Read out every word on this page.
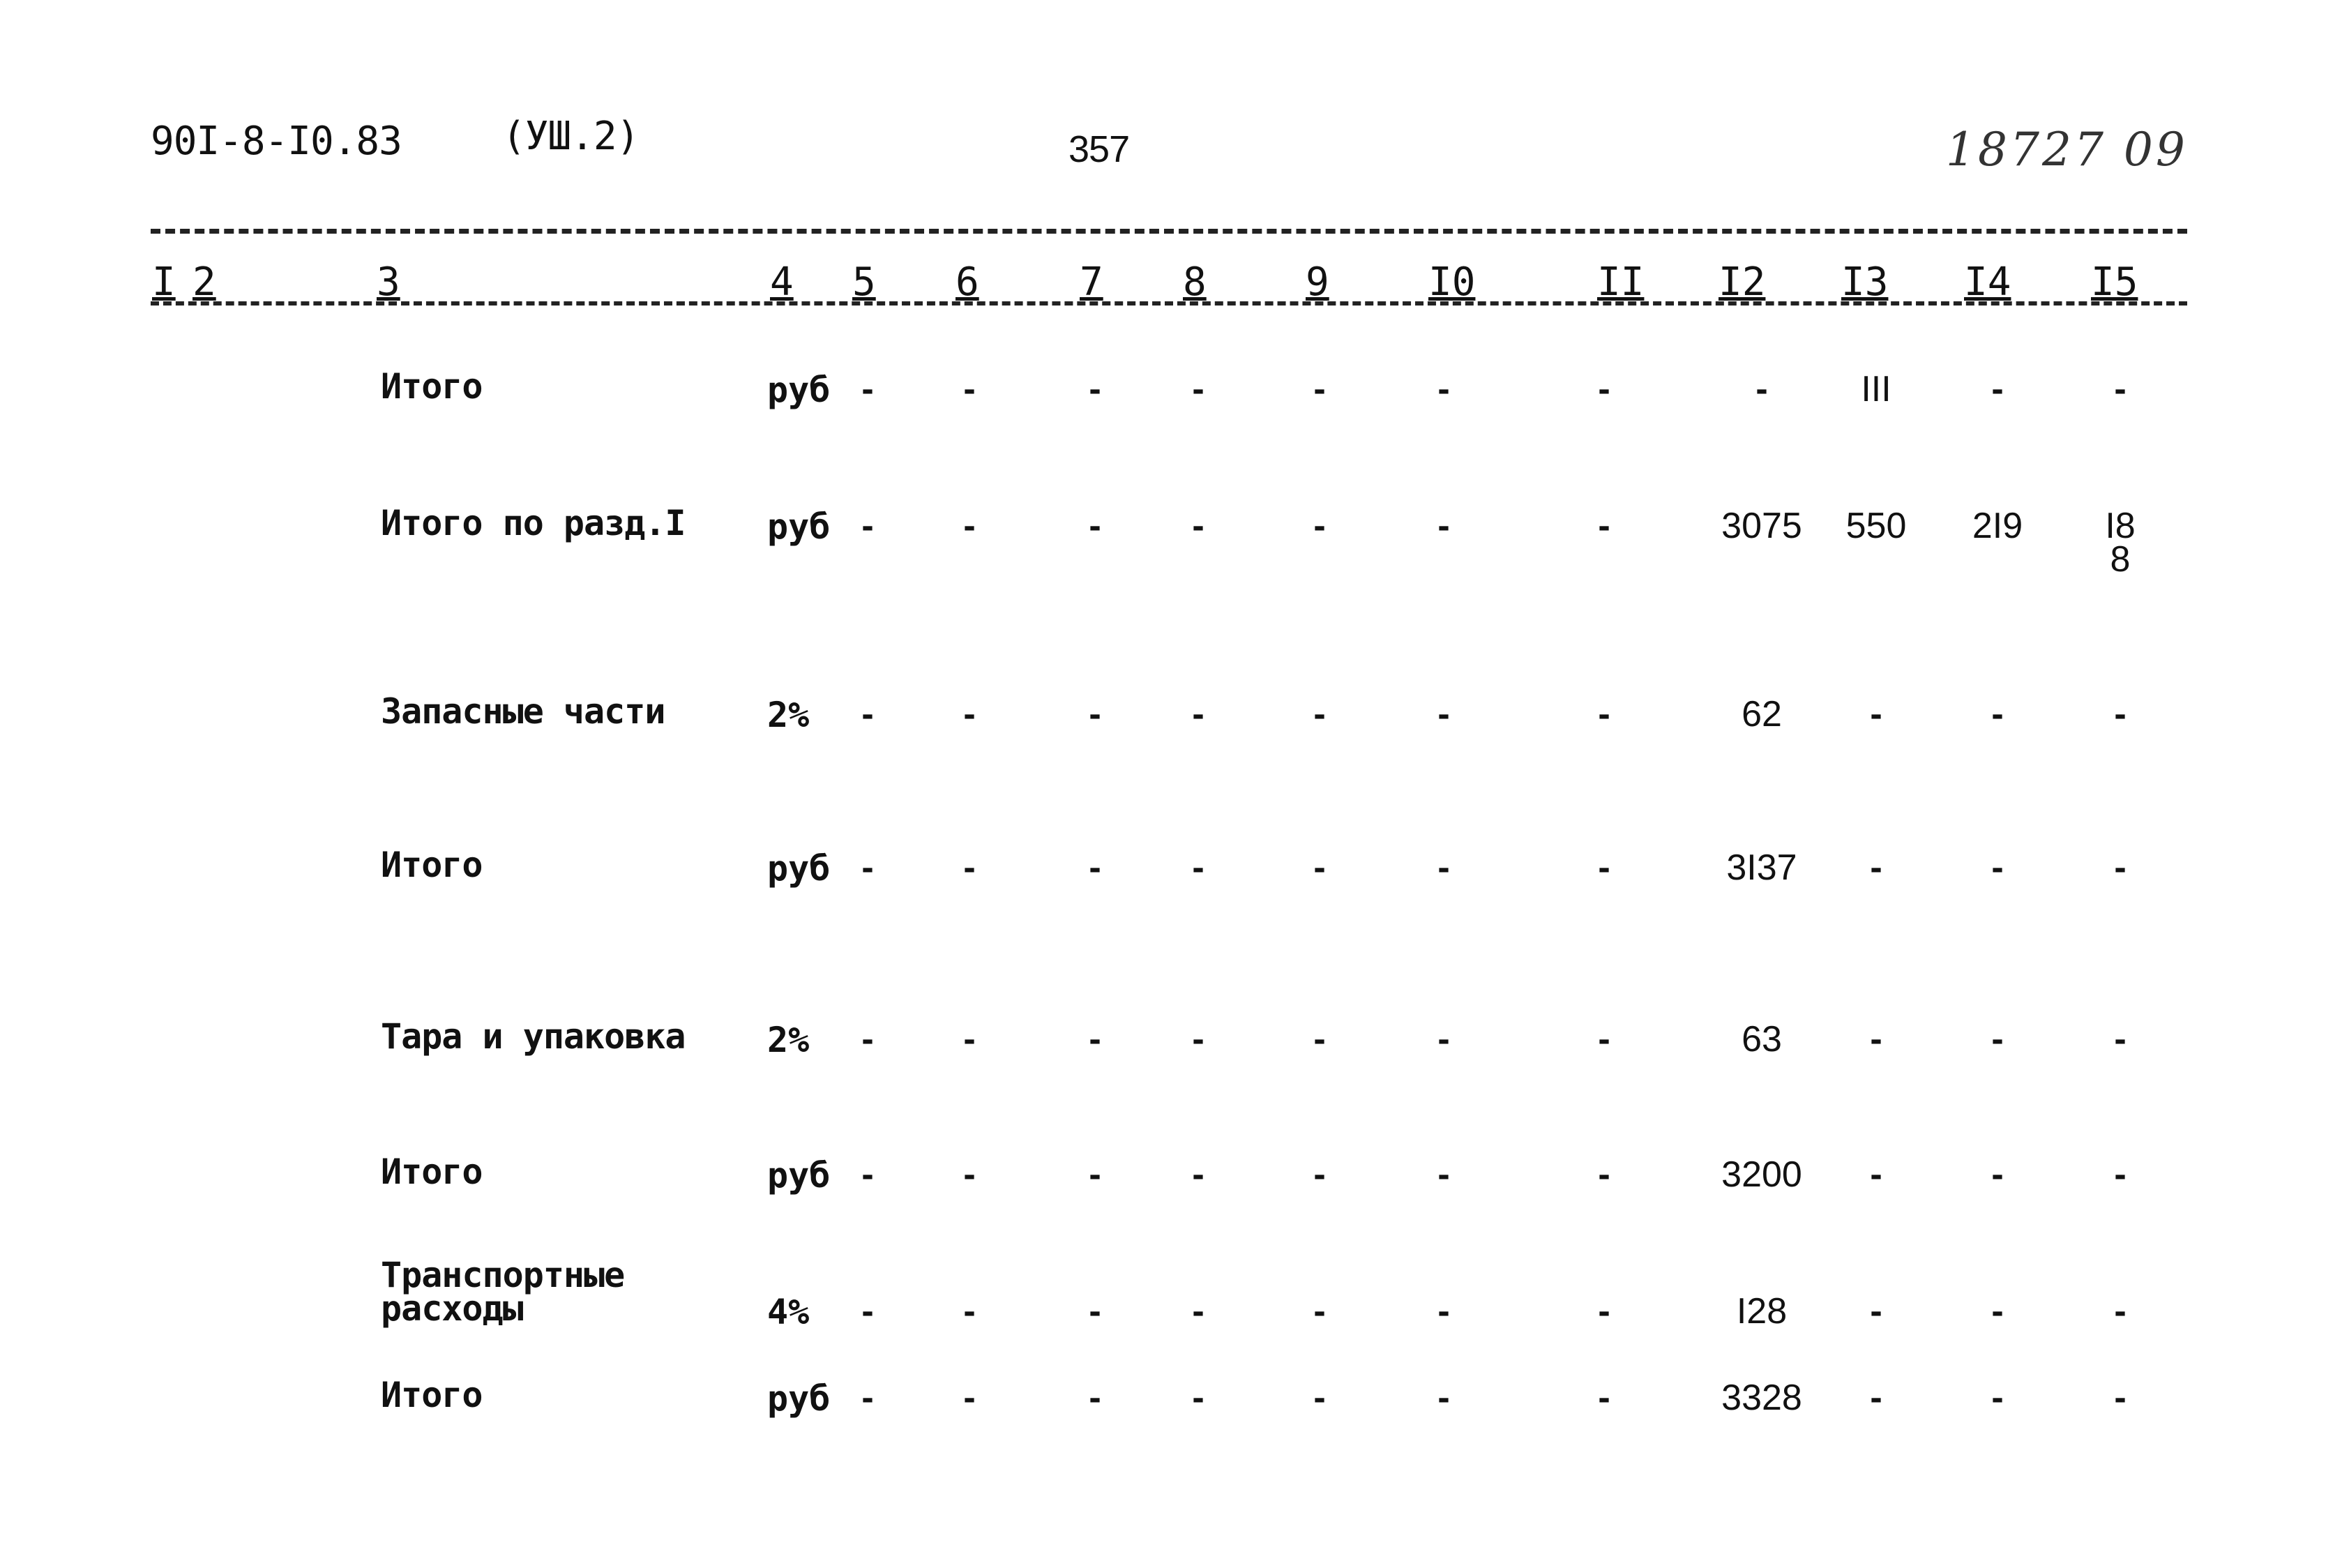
90I-8-I0.83	(УШ.2)	357	18727 09
I 2	3	4 5 6	7 8	9	I0	II I2 I3 I4 I5
Итого	руб -	-	-	-	-	-	-	-	III	-	-
Итого по разд.I руб -	-	-	-	-	-	-	3075	550	2I9	I8
8
Запасные части	2%	-	-	-	-	-	-	-	62	-	-	-
Итого	руб -	-	-	-	-	-	-	3I37	-	-	-
Тара и упаковка 2%	-	-	-	-	-	-	-	63	-	-	-
Итого	руб -	-	-	-	-	-	-	3200	-	-	-
Транспортные
расходы	4%	-	-	-	-	-	-	-	I28	-	-	-
Итого	руб -	-	-	-	-	-	-	3328	-	-	-
